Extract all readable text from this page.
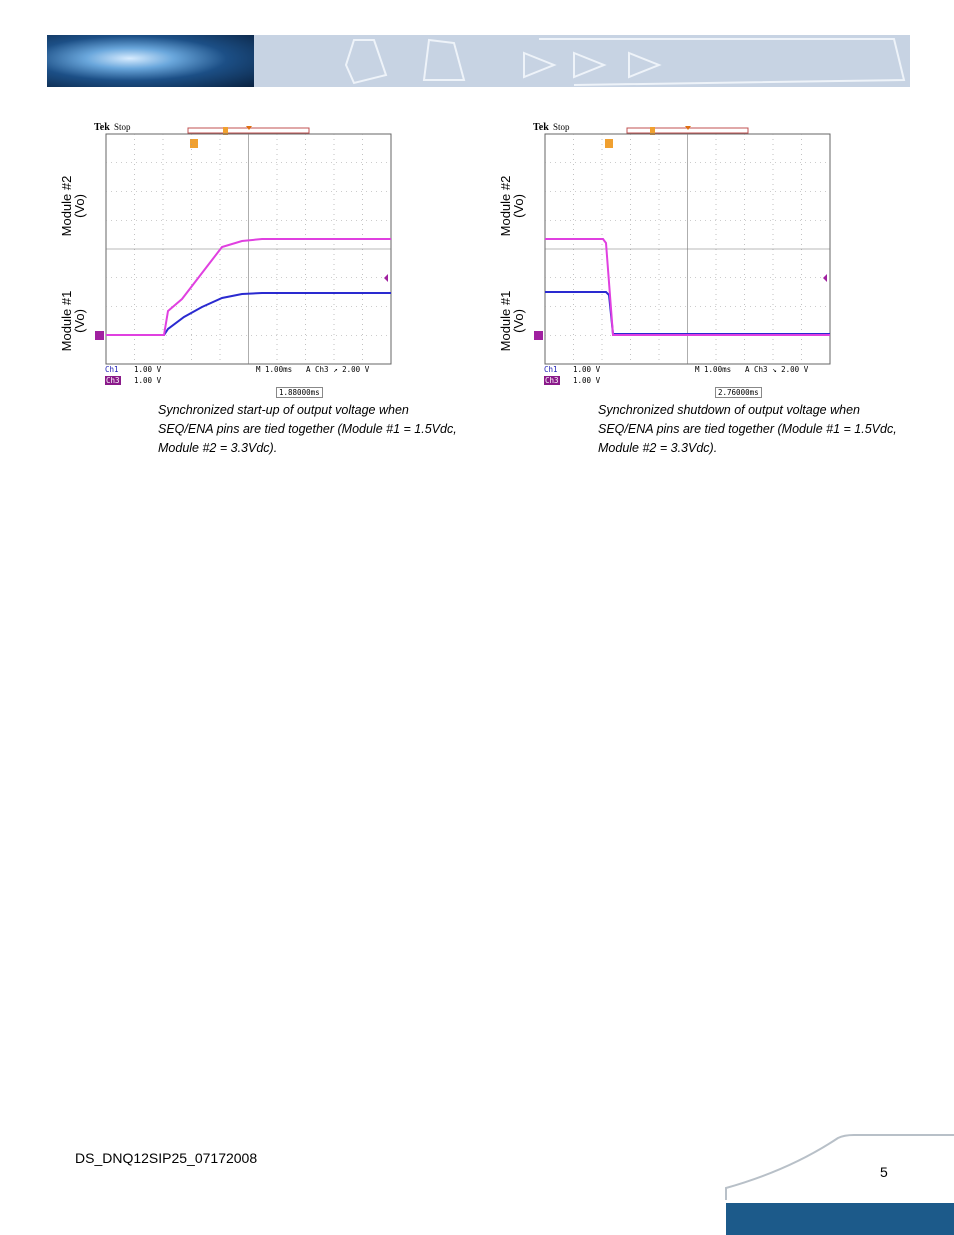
Tek Stop
Ch1 1.00 V
Ch3 1.00 V
M 1.00ms A Ch3 ↗ 2.00 V
1.88000ms
Module #2
(Vo)
Module #1
(Vo)
Synchronized start-up of output voltage when SEQ/ENA pins are tied together (Module #1 = 1.5Vdc, Module #2 = 3.3Vdc).
Tek Stop
Ch1 1.00 V
Ch3 1.00 V
M 1.00ms A Ch3 ↘ 2.00 V
2.76000ms
Module #2
(Vo)
Module #1
(Vo)
Synchronized shutdown of output voltage when SEQ/ENA pins are tied together (Module #1 = 1.5Vdc, Module #2 = 3.3Vdc).
DS_DNQ12SIP25_07172008
5
